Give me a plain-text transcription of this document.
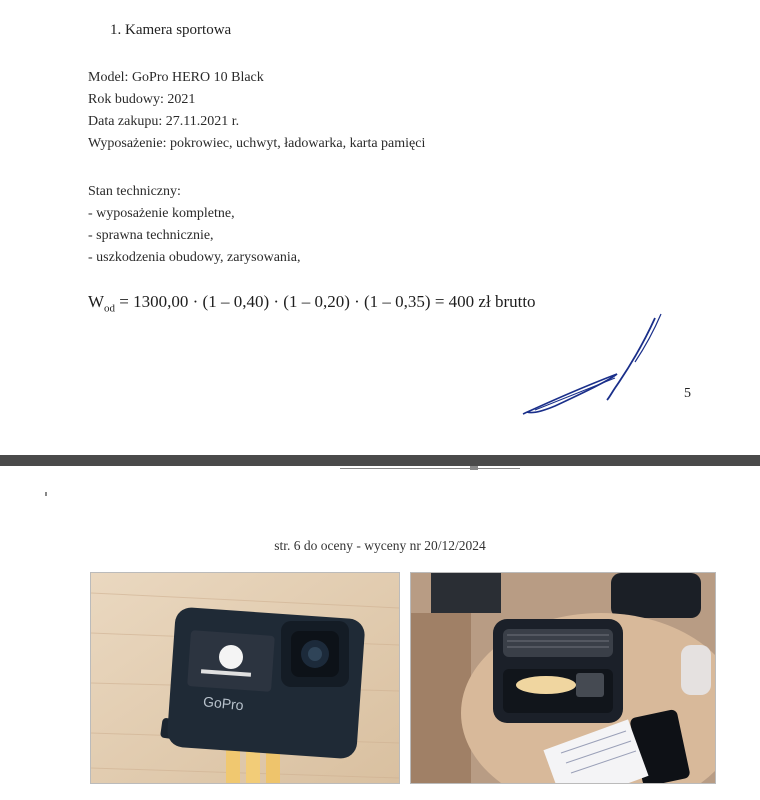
1. Kamera sportowa
Model: GoPro HERO 10 Black
Rok budowy: 2021
Data zakupu: 27.11.2021 r.
Wyposażenie: pokrowiec, uchwyt, ładowarka, karta pamięci
Stan techniczny:
- wyposażenie kompletne,
- sprawna technicznie,
- uszkodzenia obudowy, zarysowania,
$W_{od} = 1300,00 \cdot (1 - 0,40) \cdot (1 - 0,20) \cdot (1 - 0,35) = 400$ zł brutto
5
str. 6 do oceny - wyceny nr 20/12/2024
GoPro
